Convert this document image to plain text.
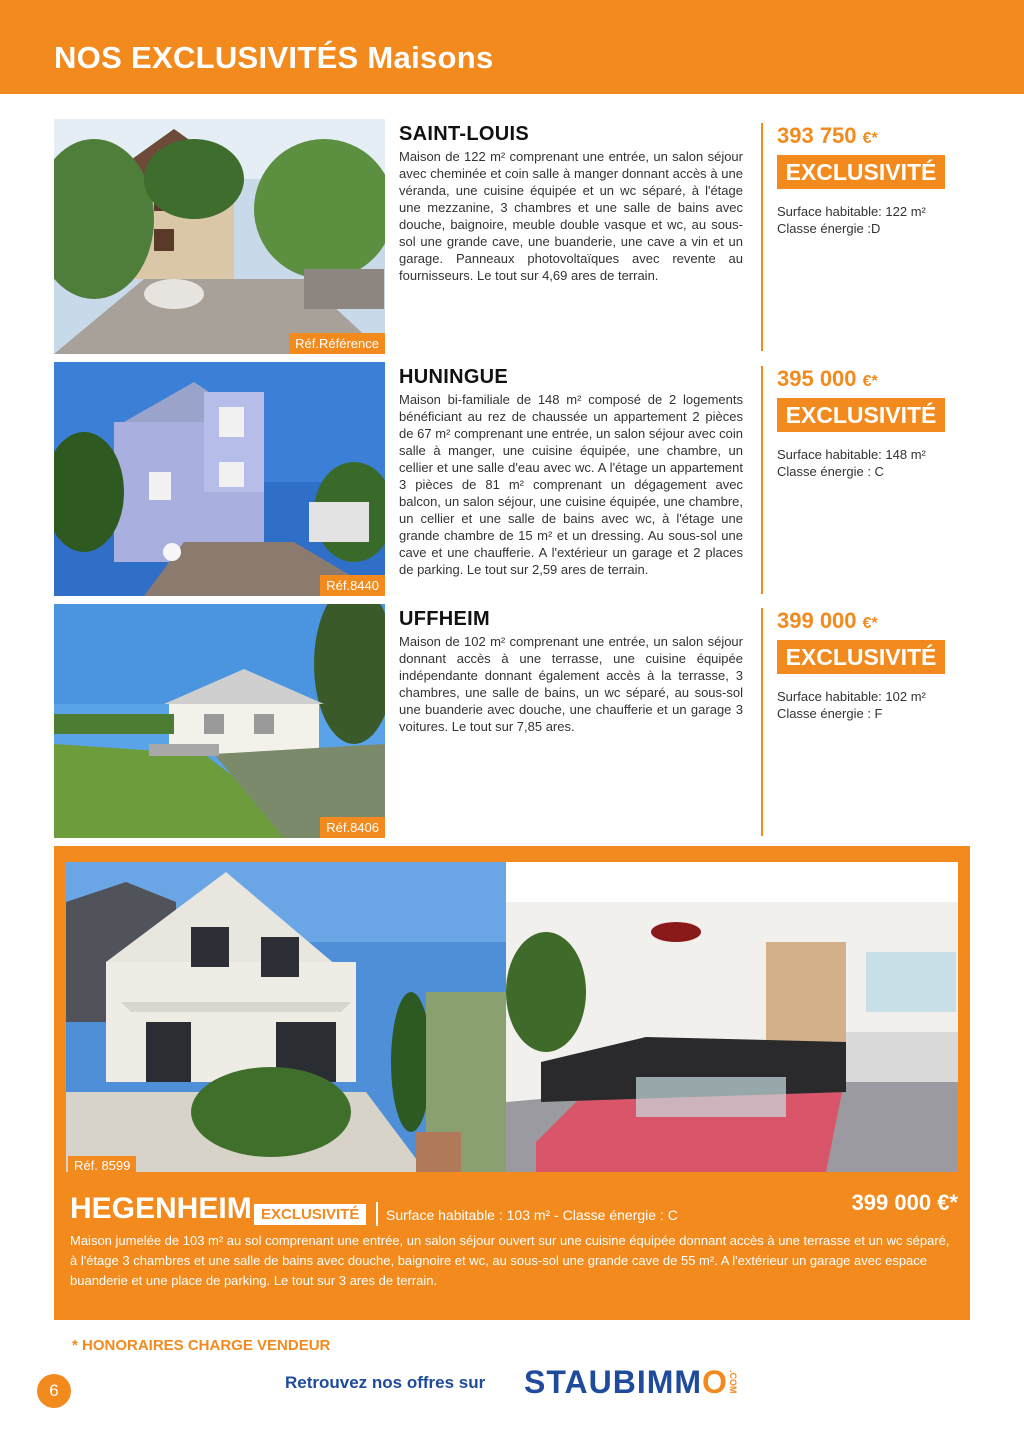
NOS EXCLUSIVITÉS Maisons
Réf.Référence
SAINT-LOUIS
Maison de 122 m² comprenant une entrée, un salon séjour avec cheminée et coin salle à manger donnant accès à une véranda, une cuisine équipée et un wc séparé, à l'étage une mezzanine, 3 chambres et une salle de bains avec douche, baignoire, meuble double vasque et wc, au sous-sol une grande cave, une buanderie, une cave a vin et un garage. Panneaux photovoltaïques avec revente au fournisseurs. Le tout sur 4,69 ares de terrain.
393 750 €*
EXCLUSIVITÉ
Surface habitable: 122 m²
Classe énergie :D
Réf.8440
HUNINGUE
Maison bi-familiale de 148 m² composé de 2 logements bénéficiant au rez de chaussée un appartement 2 pièces de 67 m² comprenant une entrée, un salon séjour avec coin salle à manger, une cuisine équipée, une chambre, un cellier et une salle d'eau avec wc. A l'étage un appartement 3 pièces de 81 m² comprenant un dégagement avec balcon, un salon séjour, une cuisine équipée, une chambre, un cellier et une salle de bains avec wc, à l'étage une grande chambre de 15 m² et un dressing. Au sous-sol une cave et une chaufferie. A l'extérieur un garage et 2 places de parking. Le tout sur 2,59 ares de terrain.
395 000 €*
EXCLUSIVITÉ
Surface habitable: 148 m²
Classe énergie : C
Réf.8406
UFFHEIM
Maison de 102 m² comprenant une entrée, un salon séjour donnant accès à une terrasse, une cuisine équipée indépendante donnant également accès à la terrasse, 3 chambres, une salle de bains, un wc séparé, au sous-sol une buanderie avec douche, une chaufferie et un garage 3 voitures. Le tout sur 7,85 ares.
399 000 €*
EXCLUSIVITÉ
Surface habitable: 102 m²
Classe énergie : F
Réf. 8599
HEGENHEIM EXCLUSIVITÉ	Surface habitable : 103 m² - Classe énergie : C	399 000 €*
Maison jumelée de 103 m² au sol comprenant une entrée, un salon séjour ouvert sur une cuisine équipée donnant accès à une terrasse et un wc séparé, à l'étage 3 chambres et une salle de bains avec douche, baignoire et wc, au sous-sol une grande cave de 55 m². A l'extérieur un garage avec espace buanderie et une place de parking. Le tout sur 3 ares de terrain.
* HONORAIRES CHARGE VENDEUR
6	Retrouvez nos offres sur STAUBIMMO .COM
